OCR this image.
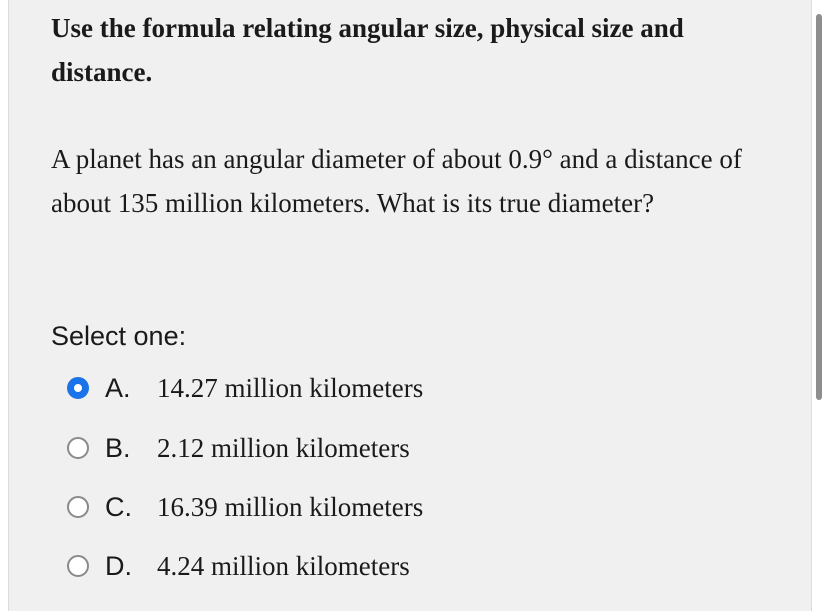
Use the formula relating angular size, physical size and distance.

A planet has an angular diameter of about 0.9° and a distance of about 135 million kilometers. What is its true diameter?

Select one:

A. 14.27 million kilometers
B. 2.12 million kilometers
C. 16.39 million kilometers
D. 4.24 million kilometers
